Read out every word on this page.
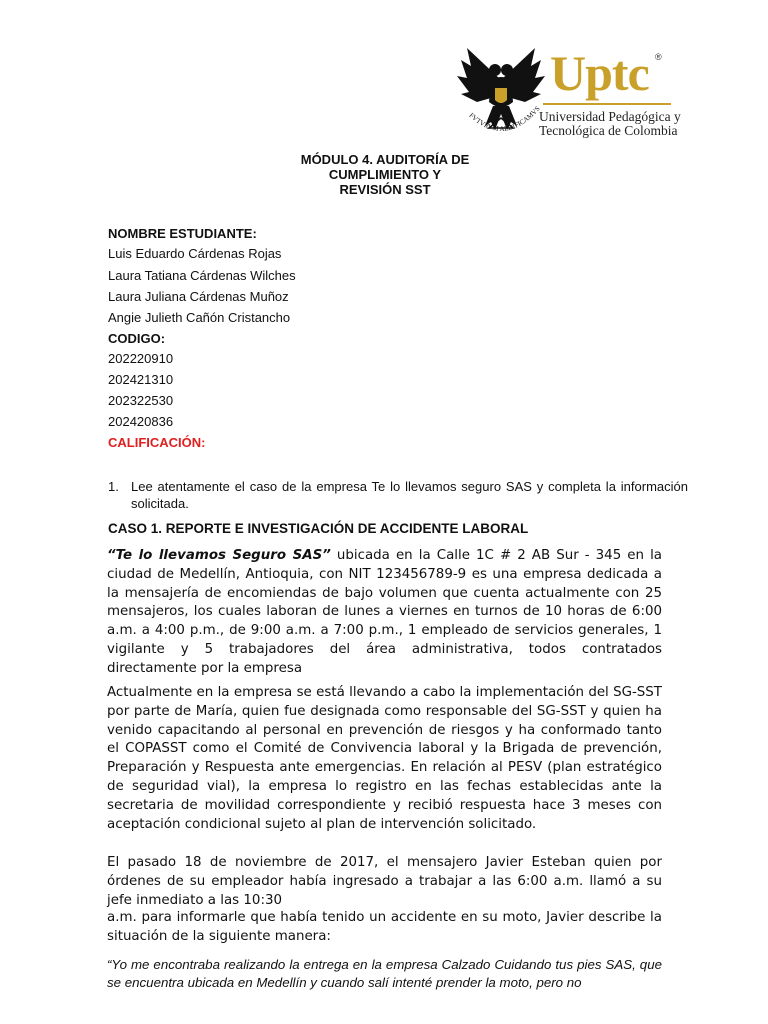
FVTVRVM AEDIFICAMVS
Uptc ®
Universidad Pedagógica y
Tecnológica de Colombia
MÓDULO 4. AUDITORÍA DE
CUMPLIMIENTO Y
REVISIÓN SST
NOMBRE ESTUDIANTE:
Luis Eduardo Cárdenas Rojas
Laura Tatiana Cárdenas Wilches
Laura Juliana Cárdenas Muñoz
Angie Julieth Cañón Cristancho
CODIGO:
202220910
202421310
202322530
202420836
CALIFICACIÓN:
1. Lee atentamente el caso de la empresa Te lo llevamos seguro SAS y completa la información solicitada.
CASO 1. REPORTE E INVESTIGACIÓN DE ACCIDENTE LABORAL
“Te lo llevamos Seguro SAS” ubicada en la Calle 1C # 2 AB Sur - 345 en la ciudad de Medellín, Antioquia, con NIT 123456789-9 es una empresa dedicada a la mensajería de encomiendas de bajo volumen que cuenta actualmente con 25 mensajeros, los cuales laboran de lunes a viernes en turnos de 10 horas de 6:00 a.m. a 4:00 p.m., de 9:00 a.m. a 7:00 p.m., 1 empleado de servicios generales, 1 vigilante y 5 trabajadores del área administrativa, todos contratados directamente por la empresa
Actualmente en la empresa se está llevando a cabo la implementación del SG-SST por parte de María, quien fue designada como responsable del SG-SST y quien ha venido capacitando al personal en prevención de riesgos y ha conformado tanto el COPASST como el Comité de Convivencia laboral y la Brigada de prevención, Preparación y Respuesta ante emergencias. En relación al PESV (plan estratégico de seguridad vial), la empresa lo registro en las fechas establecidas ante la secretaria de movilidad correspondiente y recibió respuesta hace 3 meses con aceptación condicional sujeto al plan de intervención solicitado.
El pasado 18 de noviembre de 2017, el mensajero Javier Esteban quien por órdenes de su empleador había ingresado a trabajar a las 6:00 a.m. llamó a su jefe inmediato a las 10:30
a.m. para informarle que había tenido un accidente en su moto, Javier describe la situación de la siguiente manera:
“Yo me encontraba realizando la entrega en la empresa Calzado Cuidando tus pies SAS, que se encuentra ubicada en Medellín y cuando salí intenté prender la moto, pero no
